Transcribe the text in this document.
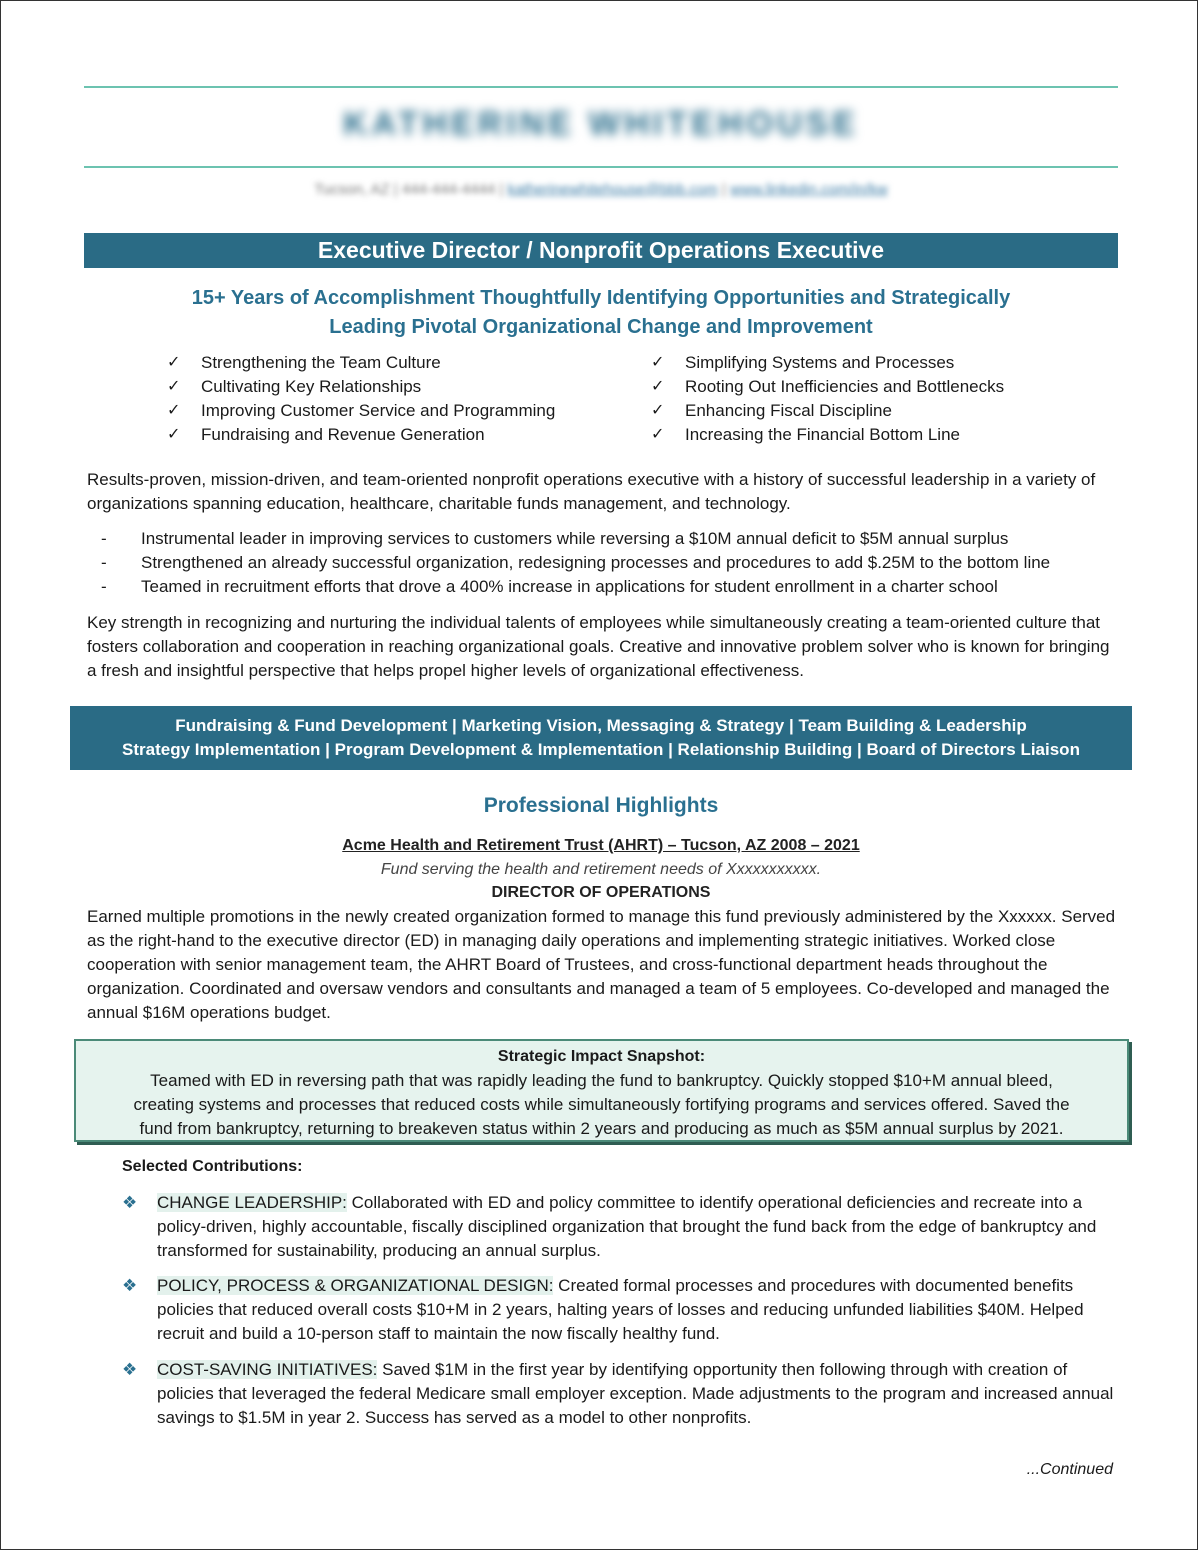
KATHERINE WHITEHOUSE
Tucson, AZ | 444-444-4444 | katherinewhitehouse@bbb.com | www.linkedin.com/in/kw
Executive Director / Nonprofit Operations Executive
15+ Years of Accomplishment Thoughtfully Identifying Opportunities and Strategically
Leading Pivotal Organizational Change and Improvement
✓	Strengthening the Team Culture
✓	Cultivating Key Relationships
✓	Improving Customer Service and Programming
✓	Fundraising and Revenue Generation
✓	Simplifying Systems and Processes
✓	Rooting Out Inefficiencies and Bottlenecks
✓	Enhancing Fiscal Discipline
✓	Increasing the Financial Bottom Line
Results-proven, mission-driven, and team-oriented nonprofit operations executive with a history of successful leadership in a variety of organizations spanning education, healthcare, charitable funds management, and technology.
-	Instrumental leader in improving services to customers while reversing a $10M annual deficit to $5M annual surplus
-	Strengthened an already successful organization, redesigning processes and procedures to add $.25M to the bottom line
-	Teamed in recruitment efforts that drove a 400% increase in applications for student enrollment in a charter school
Key strength in recognizing and nurturing the individual talents of employees while simultaneously creating a team-oriented culture that fosters collaboration and cooperation in reaching organizational goals. Creative and innovative problem solver who is known for bringing a fresh and insightful perspective that helps propel higher levels of organizational effectiveness.
Fundraising & Fund Development | Marketing Vision, Messaging & Strategy | Team Building & Leadership
Strategy Implementation | Program Development & Implementation | Relationship Building | Board of Directors Liaison
Professional Highlights
Acme Health and Retirement Trust (AHRT) – Tucson, AZ 2008 – 2021
Fund serving the health and retirement needs of Xxxxxxxxxxx.
DIRECTOR OF OPERATIONS
Earned multiple promotions in the newly created organization formed to manage this fund previously administered by the Xxxxxx. Served as the right-hand to the executive director (ED) in managing daily operations and implementing strategic initiatives. Worked close cooperation with senior management team, the AHRT Board of Trustees, and cross-functional department heads throughout the organization. Coordinated and oversaw vendors and consultants and managed a team of 5 employees. Co-developed and managed the annual $16M operations budget.
Strategic Impact Snapshot:
Teamed with ED in reversing path that was rapidly leading the fund to bankruptcy. Quickly stopped $10+M annual bleed,
creating systems and processes that reduced costs while simultaneously fortifying programs and services offered. Saved the
fund from bankruptcy, returning to breakeven status within 2 years and producing as much as $5M annual surplus by 2021.
Selected Contributions:
❖	CHANGE LEADERSHIP: Collaborated with ED and policy committee to identify operational deficiencies and recreate into a policy-driven, highly accountable, fiscally disciplined organization that brought the fund back from the edge of bankruptcy and transformed for sustainability, producing an annual surplus.
❖	POLICY, PROCESS & ORGANIZATIONAL DESIGN: Created formal processes and procedures with documented benefits policies that reduced overall costs $10+M in 2 years, halting years of losses and reducing unfunded liabilities $40M. Helped recruit and build a 10-person staff to maintain the now fiscally healthy fund.
❖	COST-SAVING INITIATIVES: Saved $1M in the first year by identifying opportunity then following through with creation of policies that leveraged the federal Medicare small employer exception. Made adjustments to the program and increased annual savings to $1.5M in year 2. Success has served as a model to other nonprofits.
...Continued
